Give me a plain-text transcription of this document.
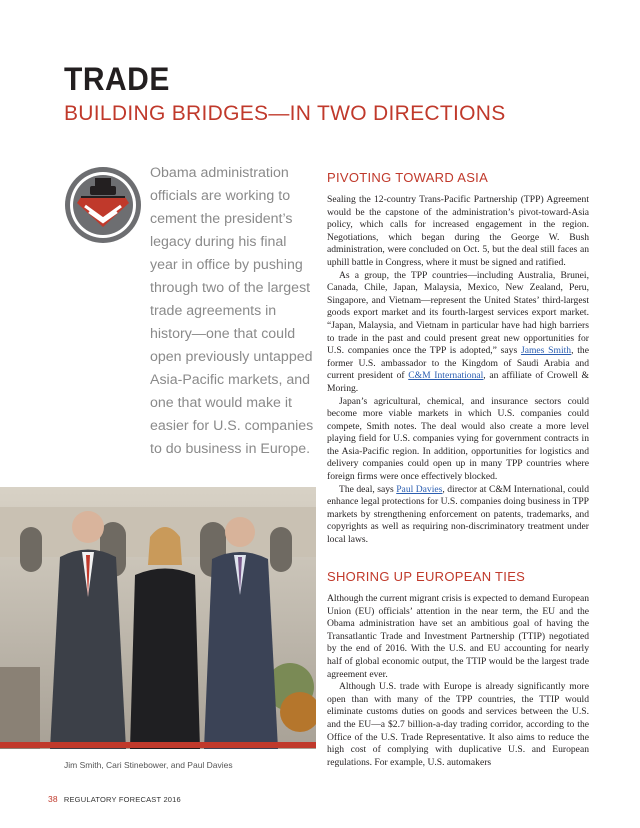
TRADE
BUILDING BRIDGES—IN TWO DIRECTIONS
Obama administration officials are working to cement the president’s legacy during his final year in office by pushing through two of the largest trade agreements in history—one that could open previously untapped Asia-Pacific markets, and one that would make it easier for U.S. companies to do business in Europe.
PIVOTING TOWARD ASIA

Sealing the 12-country Trans-Pacific Partnership (TPP) Agreement would be the capstone of the administration’s pivot-toward-Asia policy, which calls for increased engagement in the region. Negotiations, which began during the George W. Bush administration, were concluded on Oct. 5, but the deal still faces an uphill battle in Congress, where it must be signed and ratified.

As a group, the TPP countries—including Australia, Brunei, Canada, Chile, Japan, Malaysia, Mexico, New Zealand, Peru, Singapore, and Vietnam—represent the United States’ third-largest goods export market and its fourth-largest services export market. “Japan, Malaysia, and Vietnam in particular have had high barriers to trade in the past and could present great new opportunities for U.S. companies once the TPP is adopted,” says James Smith, the former U.S. ambassador to the Kingdom of Saudi Arabia and current president of C&M International, an affiliate of Crowell & Moring.

Japan’s agricultural, chemical, and insurance sectors could become more viable markets in which U.S. companies could compete, Smith notes. The deal would also create a more level playing field for U.S. companies vying for government contracts in the Asia-Pacific region. In addition, opportunities for logistics and delivery companies could open up in many TPP countries where foreign firms were once effectively blocked.

The deal, says Paul Davies, director at C&M International, could enhance legal protections for U.S. companies doing business in TPP markets by strengthening enforcement on patents, trademarks, and copyrights as well as requiring non-discriminatory treatment under local laws.

SHORING UP EUROPEAN TIES

Although the current migrant crisis is expected to demand European Union (EU) officials’ attention in the near term, the EU and the Obama administration have set an ambitious goal of having the Transatlantic Trade and Investment Partnership (TTIP) negotiated by the end of 2016. With the U.S. and EU accounting for nearly half of global economic output, the TTIP would be the largest trade agreement ever.

Although U.S. trade with Europe is already significantly more open than with many of the TPP countries, the TTIP would eliminate customs duties on goods and services between the U.S. and the EU—a $2.7 billion-a-day trading corridor, according to the Office of the U.S. Trade Representative. It also aims to reduce the high cost of complying with duplicative U.S. and European regulations. For example, U.S. automakers

Jim Smith, Cari Stinebower, and Paul Davies
38 REGULATORY FORECAST 2016
